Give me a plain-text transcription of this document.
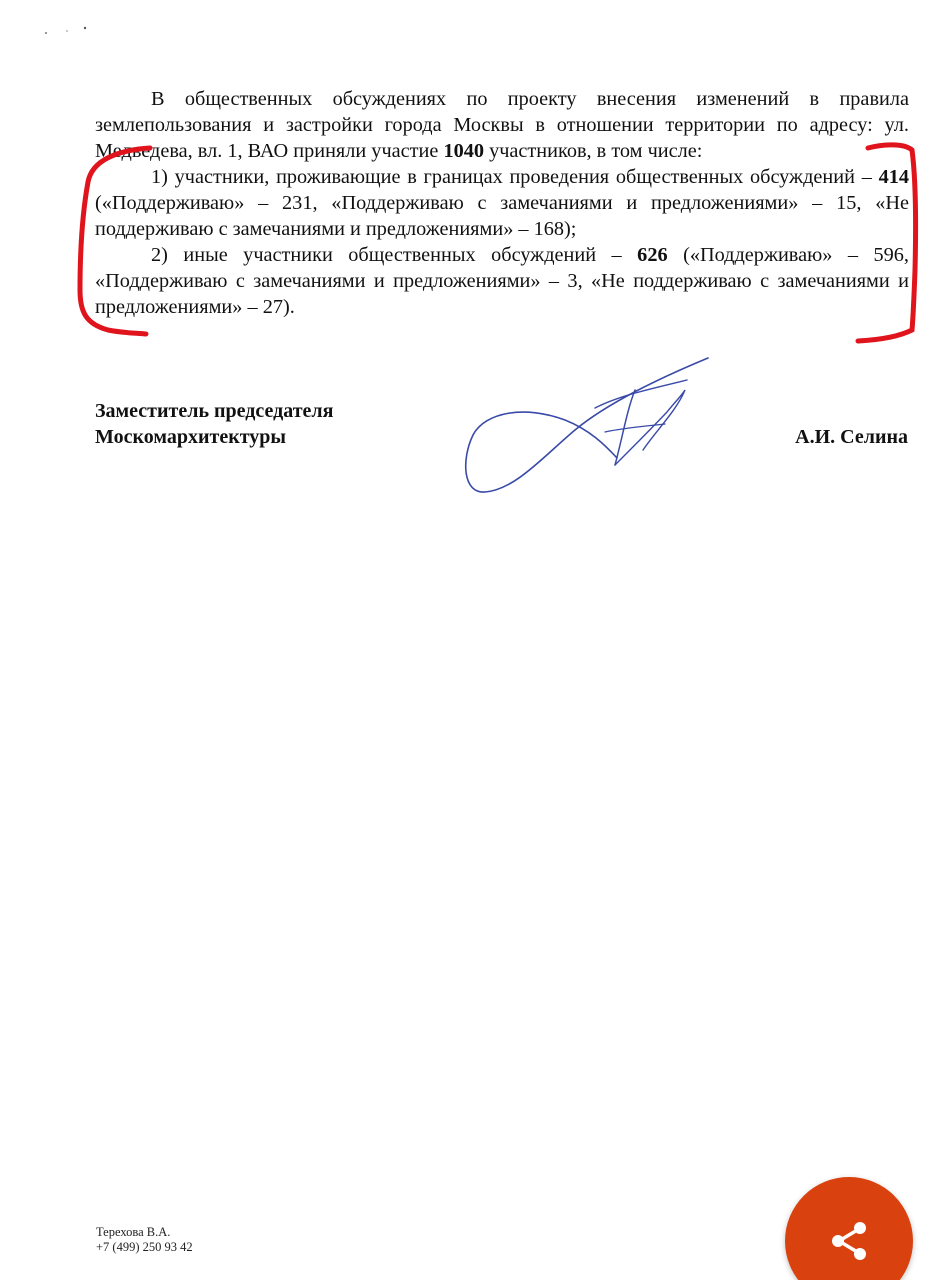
В общественных обсуждениях по проекту внесения изменений в правила землепользования и застройки города Москвы в отношении территории по адресу: ул. Медведева, вл. 1, ВАО приняли участие 1040 участников, в том числе:

1) участники, проживающие в границах проведения общественных обсуждений – 414 («Поддерживаю» – 231, «Поддерживаю с замечаниями и предложениями» – 15, «Не поддерживаю с замечаниями и предложениями» – 168);

2) иные участники общественных обсуждений – 626 («Поддерживаю» – 596, «Поддерживаю с замечаниями и предложениями» – 3, «Не поддерживаю с замечаниями и предложениями» – 27).

Заместитель председателя
Москомархитектуры	А.И. Селина
Терехова В.А.
+7 (499) 250 93 42
